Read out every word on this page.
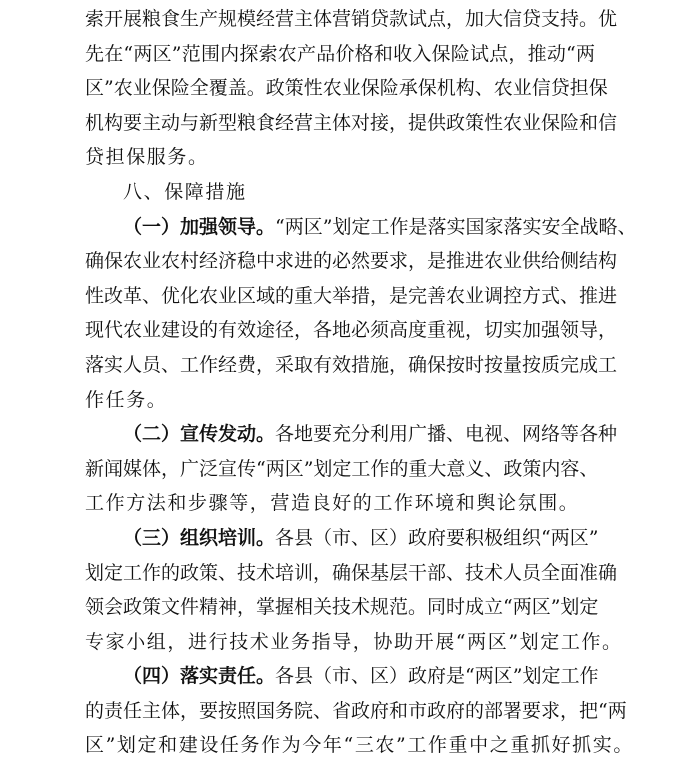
索开展粮食生产规模经营主体营销贷款试点，加大信贷支持。优
先在“两区”范围内探索农产品价格和收入保险试点，推动“两
区”农业保险全覆盖。政策性农业保险承保机构、农业信贷担保
机构要主动与新型粮食经营主体对接，提供政策性农业保险和信
贷担保服务。
八、保障措施
（一）加强领导。“两区”划定工作是落实国家落实安全战略、
确保农业农村经济稳中求进的必然要求，是推进农业供给侧结构
性改革、优化农业区域的重大举措，是完善农业调控方式、推进
现代农业建设的有效途径，各地必须高度重视，切实加强领导，
落实人员、工作经费，采取有效措施，确保按时按量按质完成工
作任务。
（二）宣传发动。各地要充分利用广播、电视、网络等各种
新闻媒体，广泛宣传“两区”划定工作的重大意义、政策内容、
工作方法和步骤等，营造良好的工作环境和舆论氛围。
（三）组织培训。各县（市、区）政府要积极组织“两区”
划定工作的政策、技术培训，确保基层干部、技术人员全面准确
领会政策文件精神，掌握相关技术规范。同时成立“两区”划定
专家小组，进行技术业务指导，协助开展“两区”划定工作。
（四）落实责任。各县（市、区）政府是“两区”划定工作
的责任主体，要按照国务院、省政府和市政府的部署要求，把“两
区”划定和建设任务作为今年“三农”工作重中之重抓好抓实。
